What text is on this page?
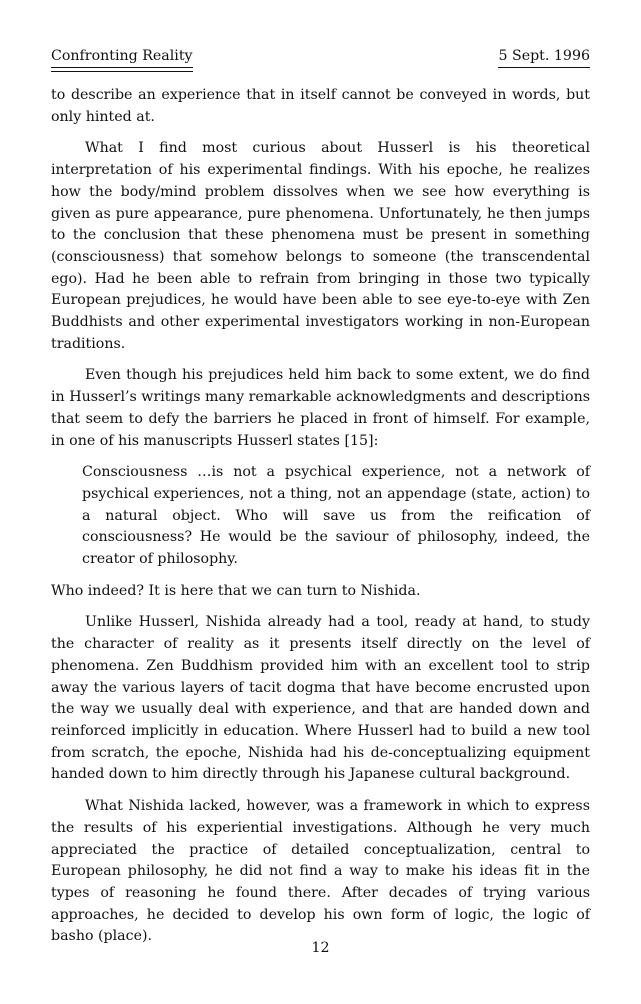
Confronting Reality	5 Sept. 1996

to describe an experience that in itself cannot be conveyed in words, but only hinted at.

What I find most curious about Husserl is his theoretical interpretation of his experimental findings. With his epoche, he realizes how the body/mind problem dissolves when we see how everything is given as pure appearance, pure phenomena. Unfortunately, he then jumps to the conclusion that these phenomena must be present in something (consciousness) that somehow belongs to someone (the transcendental ego). Had he been able to refrain from bringing in those two typically European prejudices, he would have been able to see eye-to-eye with Zen Buddhists and other experimental investigators working in non-European traditions.

Even though his prejudices held him back to some extent, we do find in Husserl’s writings many remarkable acknowledgments and descriptions that seem to defy the barriers he placed in front of himself. For example, in one of his manuscripts Husserl states [15]:

Consciousness …is not a psychical experience, not a network of psychical experiences, not a thing, not an appendage (state, action) to a natural object. Who will save us from the reification of consciousness? He would be the saviour of philosophy, indeed, the creator of philosophy.

Who indeed? It is here that we can turn to Nishida.

Unlike Husserl, Nishida already had a tool, ready at hand, to study the character of reality as it presents itself directly on the level of phenomena. Zen Buddhism provided him with an excellent tool to strip away the various layers of tacit dogma that have become encrusted upon the way we usually deal with experience, and that are handed down and reinforced implicitly in education. Where Husserl had to build a new tool from scratch, the epoche, Nishida had his de-conceptualizing equipment handed down to him directly through his Japanese cultural background.

What Nishida lacked, however, was a framework in which to express the results of his experiential investigations. Although he very much appreciated the practice of detailed conceptualization, central to European philosophy, he did not find a way to make his ideas fit in the types of reasoning he found there. After decades of trying various approaches, he decided to develop his own form of logic, the logic of basho (place).

12
